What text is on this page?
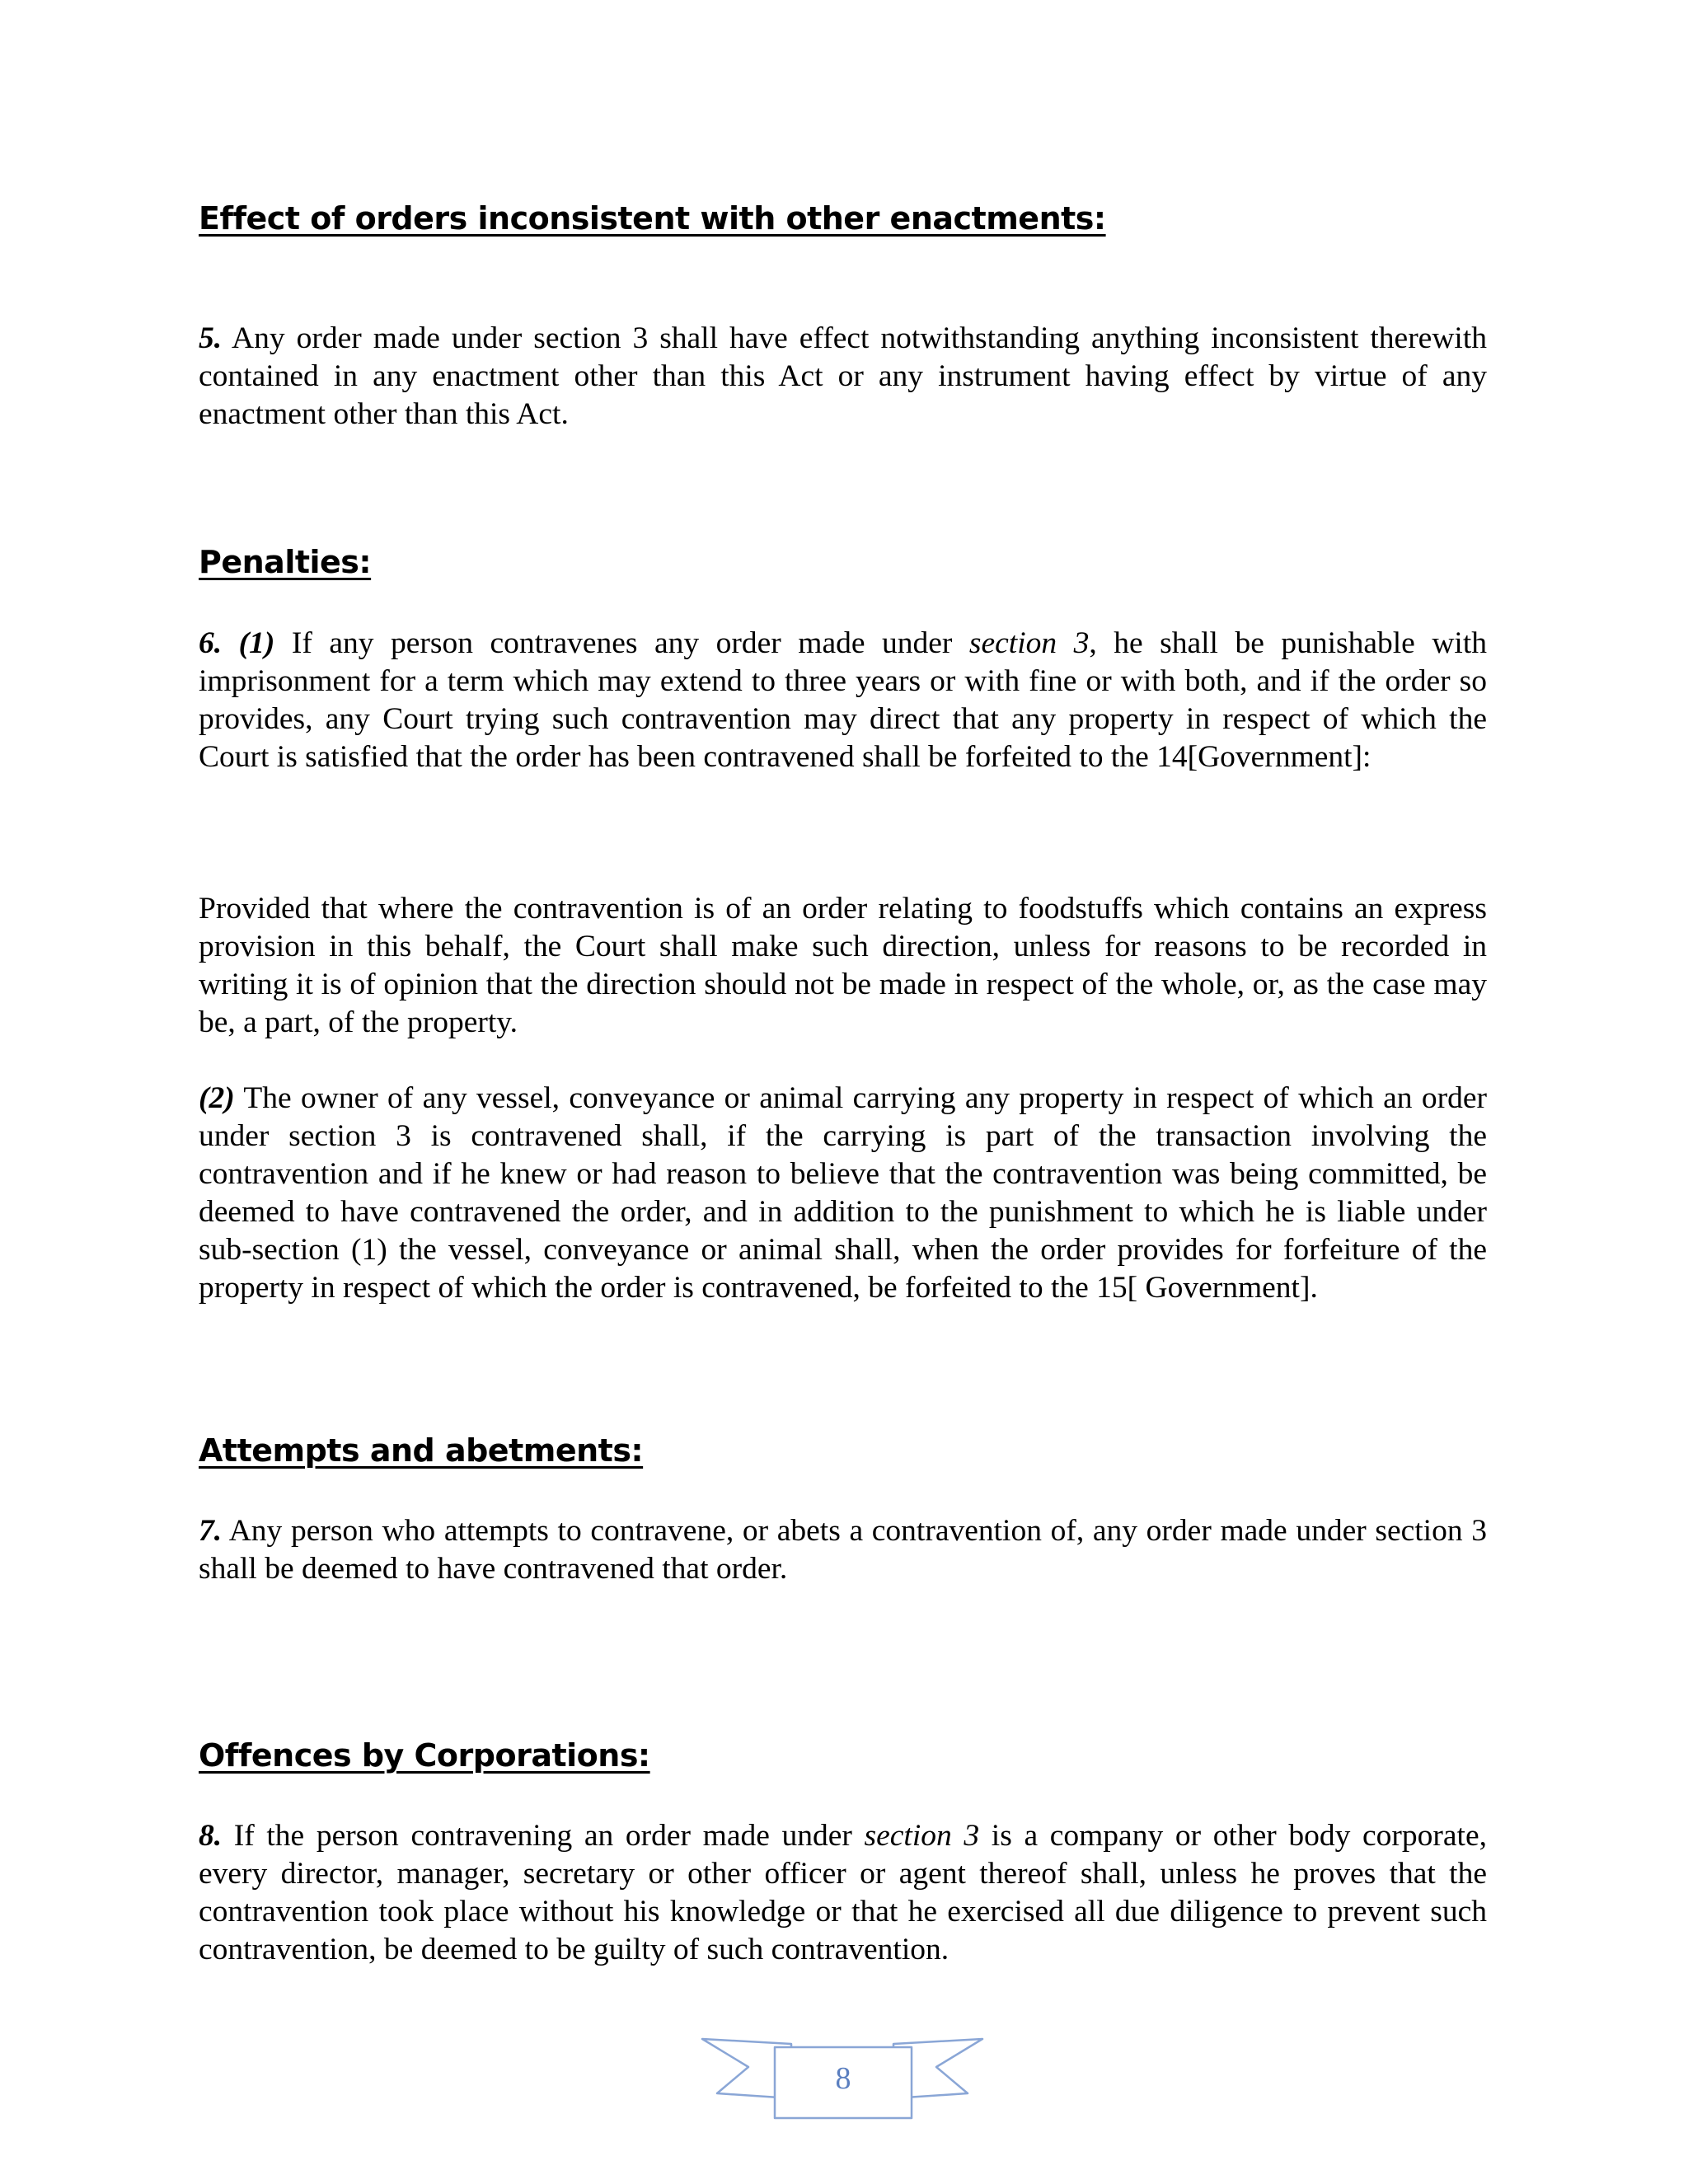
Effect of orders inconsistent with other enactments:

5. Any order made under section 3 shall have effect notwithstanding anything inconsistent therewith contained in any enactment other than this Act or any instrument having effect by virtue of any enactment other than this Act.

Penalties:

6. (1) If any person contravenes any order made under section 3, he shall be punishable with imprisonment for a term which may extend to three years or with fine or with both, and if the order so provides, any Court trying such contravention may direct that any property in respect of which the Court is satisfied that the order has been contravened shall be forfeited to the 14[Government]:

Provided that where the contravention is of an order relating to foodstuffs which contains an express provision in this behalf, the Court shall make such direction, unless for reasons to be recorded in writing it is of opinion that the direction should not be made in respect of the whole, or, as the case may be, a part, of the property.

(2) The owner of any vessel, conveyance or animal carrying any property in respect of which an order under section 3 is contravened shall, if the carrying is part of the transaction involving the contravention and if he knew or had reason to believe that the contravention was being committed, be deemed to have contravened the order, and in addition to the punishment to which he is liable under sub-section (1) the vessel, conveyance or animal shall, when the order provides for forfeiture of the property in respect of which the order is contravened, be forfeited to the 15[ Government].

Attempts and abetments:

7. Any person who attempts to contravene, or abets a contravention of, any order made under section 3 shall be deemed to have contravened that order.

Offences by Corporations:

8. If the person contravening an order made under section 3 is a company or other body corporate, every director, manager, secretary or other officer or agent thereof shall, unless he proves that the contravention took place without his knowledge or that he exercised all due diligence to prevent such contravention, be deemed to be guilty of such contravention.

8
